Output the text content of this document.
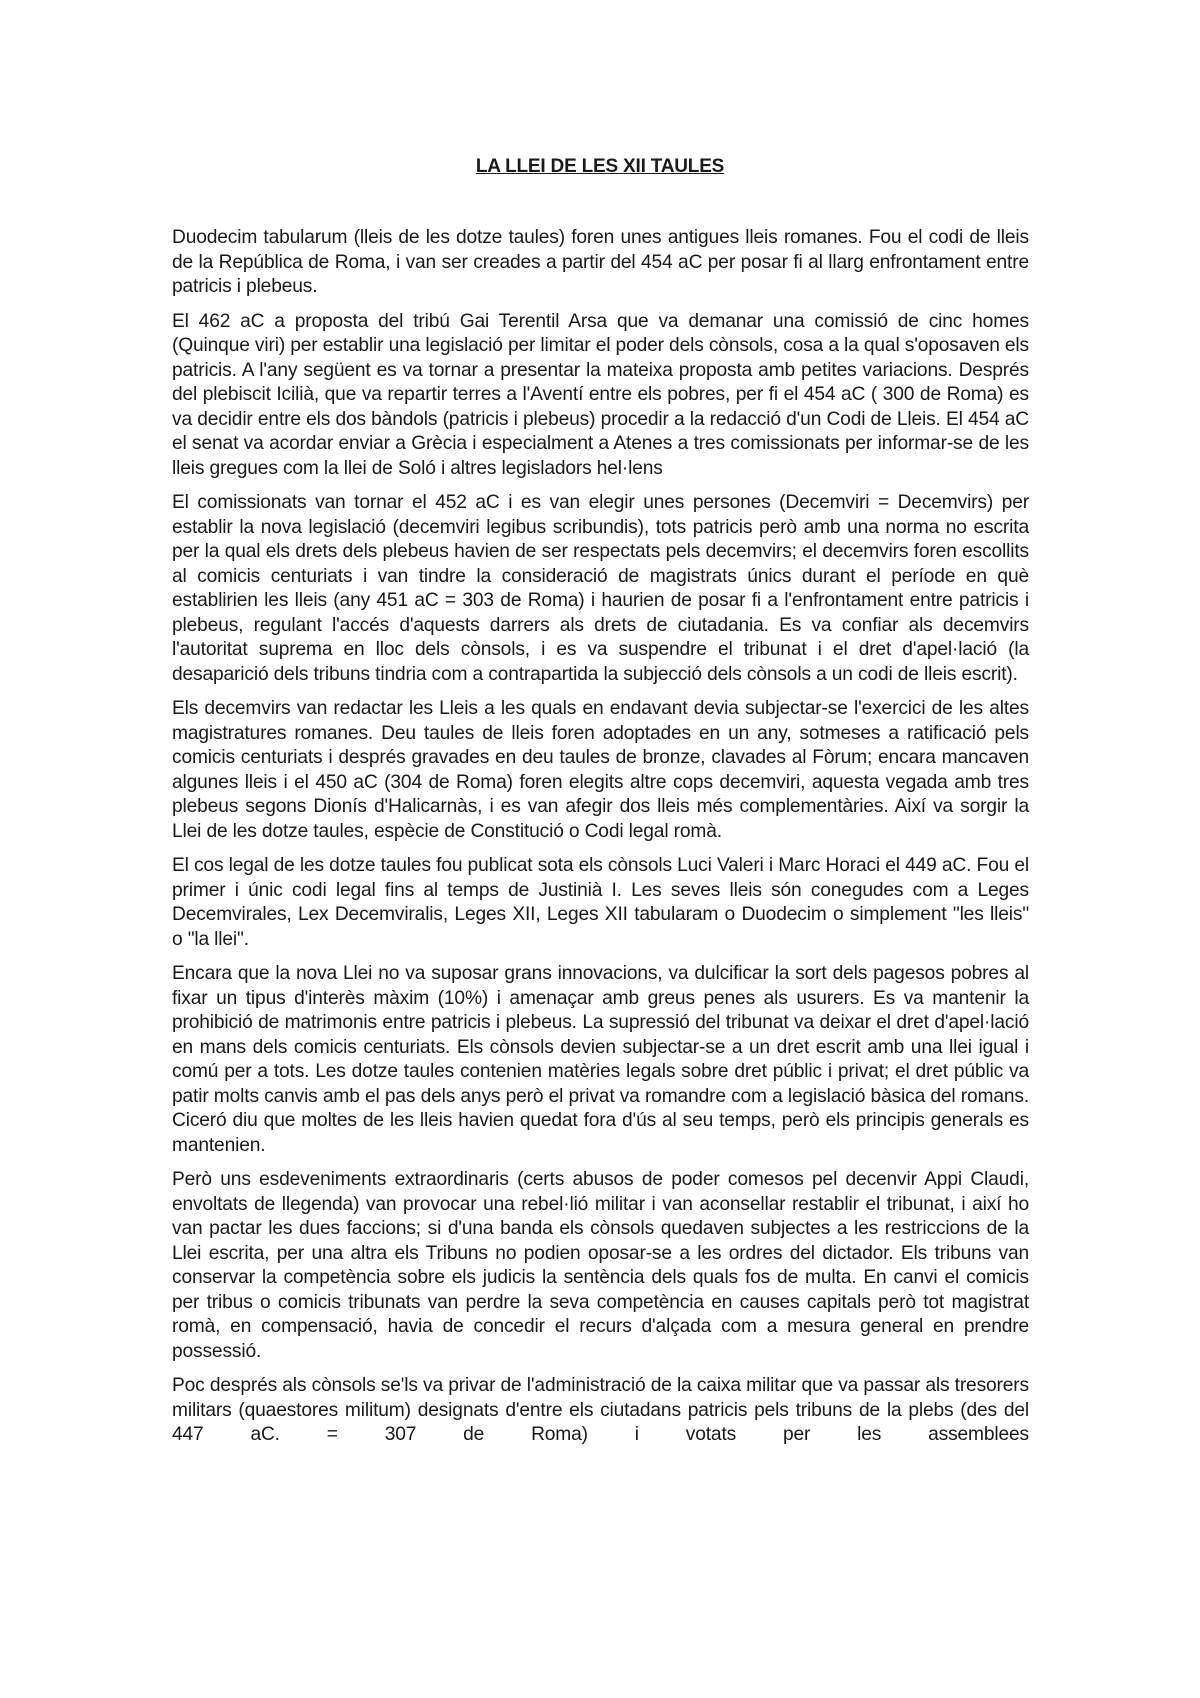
LA LLEI DE LES XII TAULES

Duodecim tabularum (lleis de les dotze taules) foren unes antigues lleis romanes. Fou el codi de lleis de la República de Roma, i van ser creades a partir del 454 aC per posar fi al llarg enfrontament entre patricis i plebeus.

El 462 aC a proposta del tribú Gai Terentil Arsa que va demanar una comissió de cinc homes (Quinque viri) per establir una legislació per limitar el poder dels cònsols, cosa a la qual s'oposaven els patricis. A l'any següent es va tornar a presentar la mateixa proposta amb petites variacions. Després del plebiscit Icilià, que va repartir terres a l'Aventí entre els pobres, per fi el 454 aC ( 300 de Roma) es va decidir entre els dos bàndols (patricis i plebeus) procedir a la redacció d'un Codi de Lleis. El 454 aC el senat va acordar enviar a Grècia i especialment a Atenes a tres comissionats per informar-se de les lleis gregues com la llei de Soló i altres legisladors hel·lens

El comissionats van tornar el 452 aC i es van elegir unes persones (Decemviri = Decemvirs) per establir la nova legislació (decemviri legibus scribundis), tots patricis però amb una norma no escrita per la qual els drets dels plebeus havien de ser respectats pels decemvirs; el decemvirs foren escollits al comicis centuriats i van tindre la consideració de magistrats únics durant el període en què establirien les lleis (any 451 aC = 303 de Roma) i haurien de posar fi a l'enfrontament entre patricis i plebeus, regulant l'accés d'aquests darrers als drets de ciutadania. Es va confiar als decemvirs l'autoritat suprema en lloc dels cònsols, i es va suspendre el tribunat i el dret d'apel·lació (la desaparició dels tribuns tindria com a contrapartida la subjecció dels cònsols a un codi de lleis escrit).

Els decemvirs van redactar les Lleis a les quals en endavant devia subjectar-se l'exercici de les altes magistratures romanes. Deu taules de lleis foren adoptades en un any, sotmeses a ratificació pels comicis centuriats i després gravades en deu taules de bronze, clavades al Fòrum; encara mancaven algunes lleis i el 450 aC (304 de Roma) foren elegits altre cops decemviri, aquesta vegada amb tres plebeus segons Dionís d'Halicarnàs, i es van afegir dos lleis més complementàries. Així va sorgir la Llei de les dotze taules, espècie de Constitució o Codi legal romà.

El cos legal de les dotze taules fou publicat sota els cònsols Luci Valeri i Marc Horaci el 449 aC. Fou el primer i únic codi legal fins al temps de Justinià I. Les seves lleis són conegudes com a Leges Decemvirales, Lex Decemviralis, Leges XII, Leges XII tabularam o Duodecim o simplement "les lleis" o "la llei".

Encara que la nova Llei no va suposar grans innovacions, va dulcificar la sort dels pagesos pobres al fixar un tipus d'interès màxim (10%) i amenaçar amb greus penes als usurers. Es va mantenir la prohibició de matrimonis entre patricis i plebeus. La supressió del tribunat va deixar el dret d'apel·lació en mans dels comicis centuriats. Els cònsols devien subjectar-se a un dret escrit amb una llei igual i comú per a tots. Les dotze taules contenien matèries legals sobre dret públic i privat; el dret públic va patir molts canvis amb el pas dels anys però el privat va romandre com a legislació bàsica del romans. Ciceró diu que moltes de les lleis havien quedat fora d'ús al seu temps, però els principis generals es mantenien.

Però uns esdeveniments extraordinaris (certs abusos de poder comesos pel decenvir Appi Claudi, envoltats de llegenda) van provocar una rebel·lió militar i van aconsellar restablir el tribunat, i així ho van pactar les dues faccions; si d'una banda els cònsols quedaven subjectes a les restriccions de la Llei escrita, per una altra els Tribuns no podien oposar-se a les ordres del dictador. Els tribuns van conservar la competència sobre els judicis la sentència dels quals fos de multa. En canvi el comicis per tribus o comicis tribunats van perdre la seva competència en causes capitals però tot magistrat romà, en compensació, havia de concedir el recurs d'alçada com a mesura general en prendre possessió.

Poc després als cònsols se'ls va privar de l'administració de la caixa militar que va passar als tresorers militars (quaestores militum) designats d'entre els ciutadans patricis pels tribuns de la plebs (des del 447 aC. = 307 de Roma) i votats per les assemblees
